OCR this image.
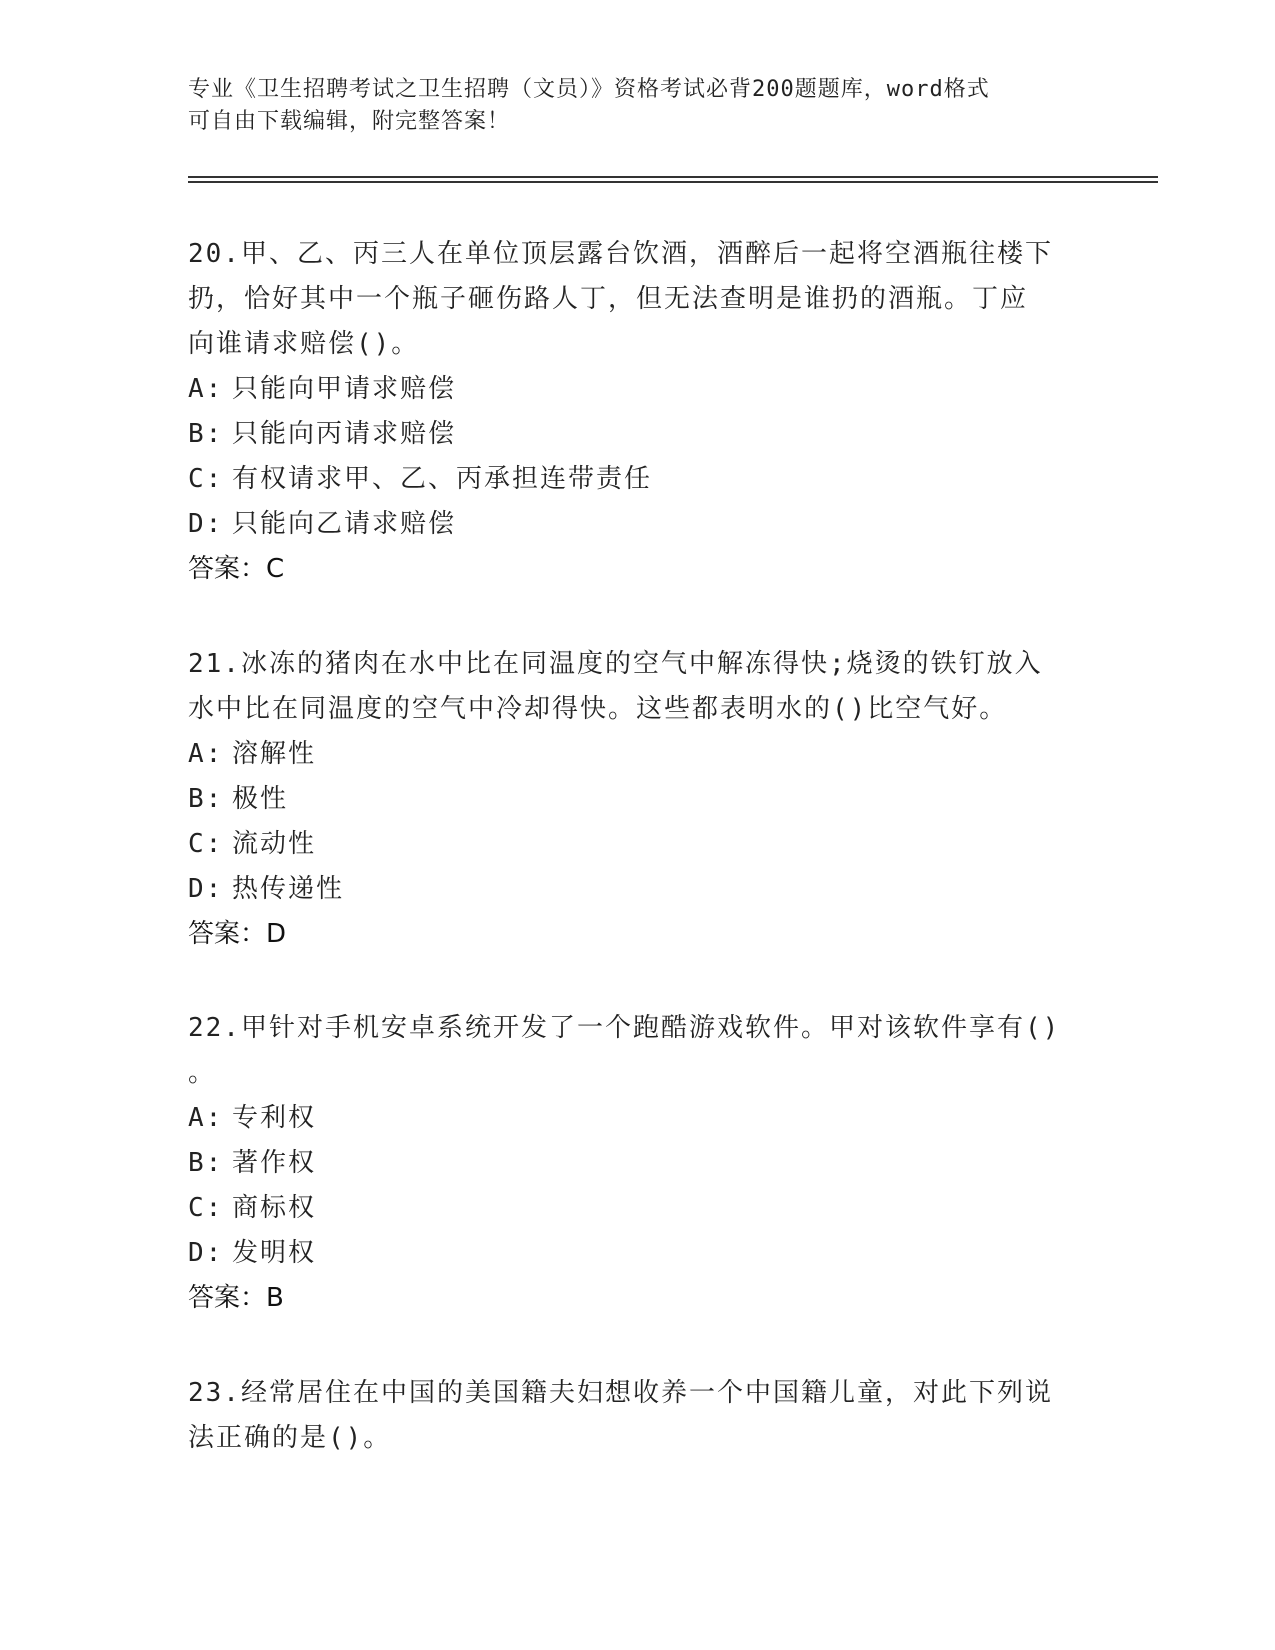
专业《卫生招聘考试之卫生招聘（文员）》资格考试必背200题题库，word格式
可自由下载编辑，附完整答案！

20.甲、乙、丙三人在单位顶层露台饮酒，酒醉后一起将空酒瓶往楼下

扔，恰好其中一个瓶子砸伤路人丁，但无法查明是谁扔的酒瓶。丁应

向谁请求赔偿()。

A: 只能向甲请求赔偿

B: 只能向丙请求赔偿

C: 有权请求甲、乙、丙承担连带责任

D: 只能向乙请求赔偿

答案：C

21.冰冻的猪肉在水中比在同温度的空气中解冻得快;烧烫的铁钉放入

水中比在同温度的空气中冷却得快。这些都表明水的()比空气好。

A: 溶解性

B: 极性

C: 流动性

D: 热传递性

答案：D

22.甲针对手机安卓系统开发了一个跑酷游戏软件。甲对该软件享有()

。

A: 专利权

B: 著作权

C: 商标权

D: 发明权

答案：B

23.经常居住在中国的美国籍夫妇想收养一个中国籍儿童，对此下列说

法正确的是()。
